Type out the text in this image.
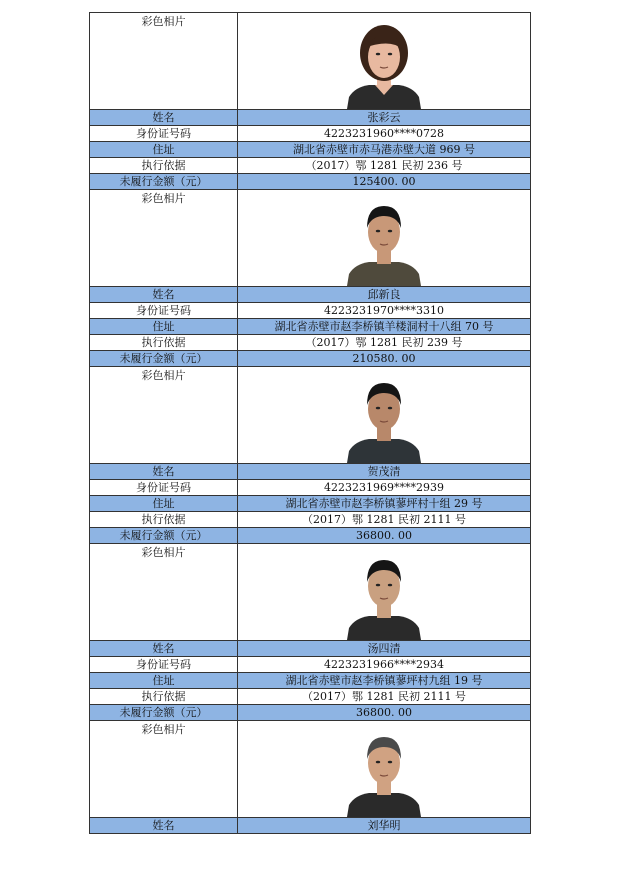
彩色相片	

姓名	张彩云
身份证号码	4223231960****0728
住址	湖北省赤壁市赤马港赤壁大道 969 号
执行依据	（2017）鄂 1281 民初 236 号
未履行金额（元）	125400. 00
彩色相片	

姓名	邱新良
身份证号码	4223231970****3310
住址	湖北省赤壁市赵李桥镇羊楼洞村十八组 70 号
执行依据	（2017）鄂 1281 民初 239 号
未履行金额（元）	210580. 00
彩色相片	

姓名	贺茂清
身份证号码	4223231969****2939
住址	湖北省赤壁市赵李桥镇蓼坪村十组 29 号
执行依据	（2017）鄂 1281 民初 2111 号
未履行金额（元）	36800. 00
彩色相片	

姓名	汤四清
身份证号码	4223231966****2934
住址	湖北省赤壁市赵李桥镇蓼坪村九组 19 号
执行依据	（2017）鄂 1281 民初 2111 号
未履行金额（元）	36800. 00
彩色相片	

姓名	刘华明
